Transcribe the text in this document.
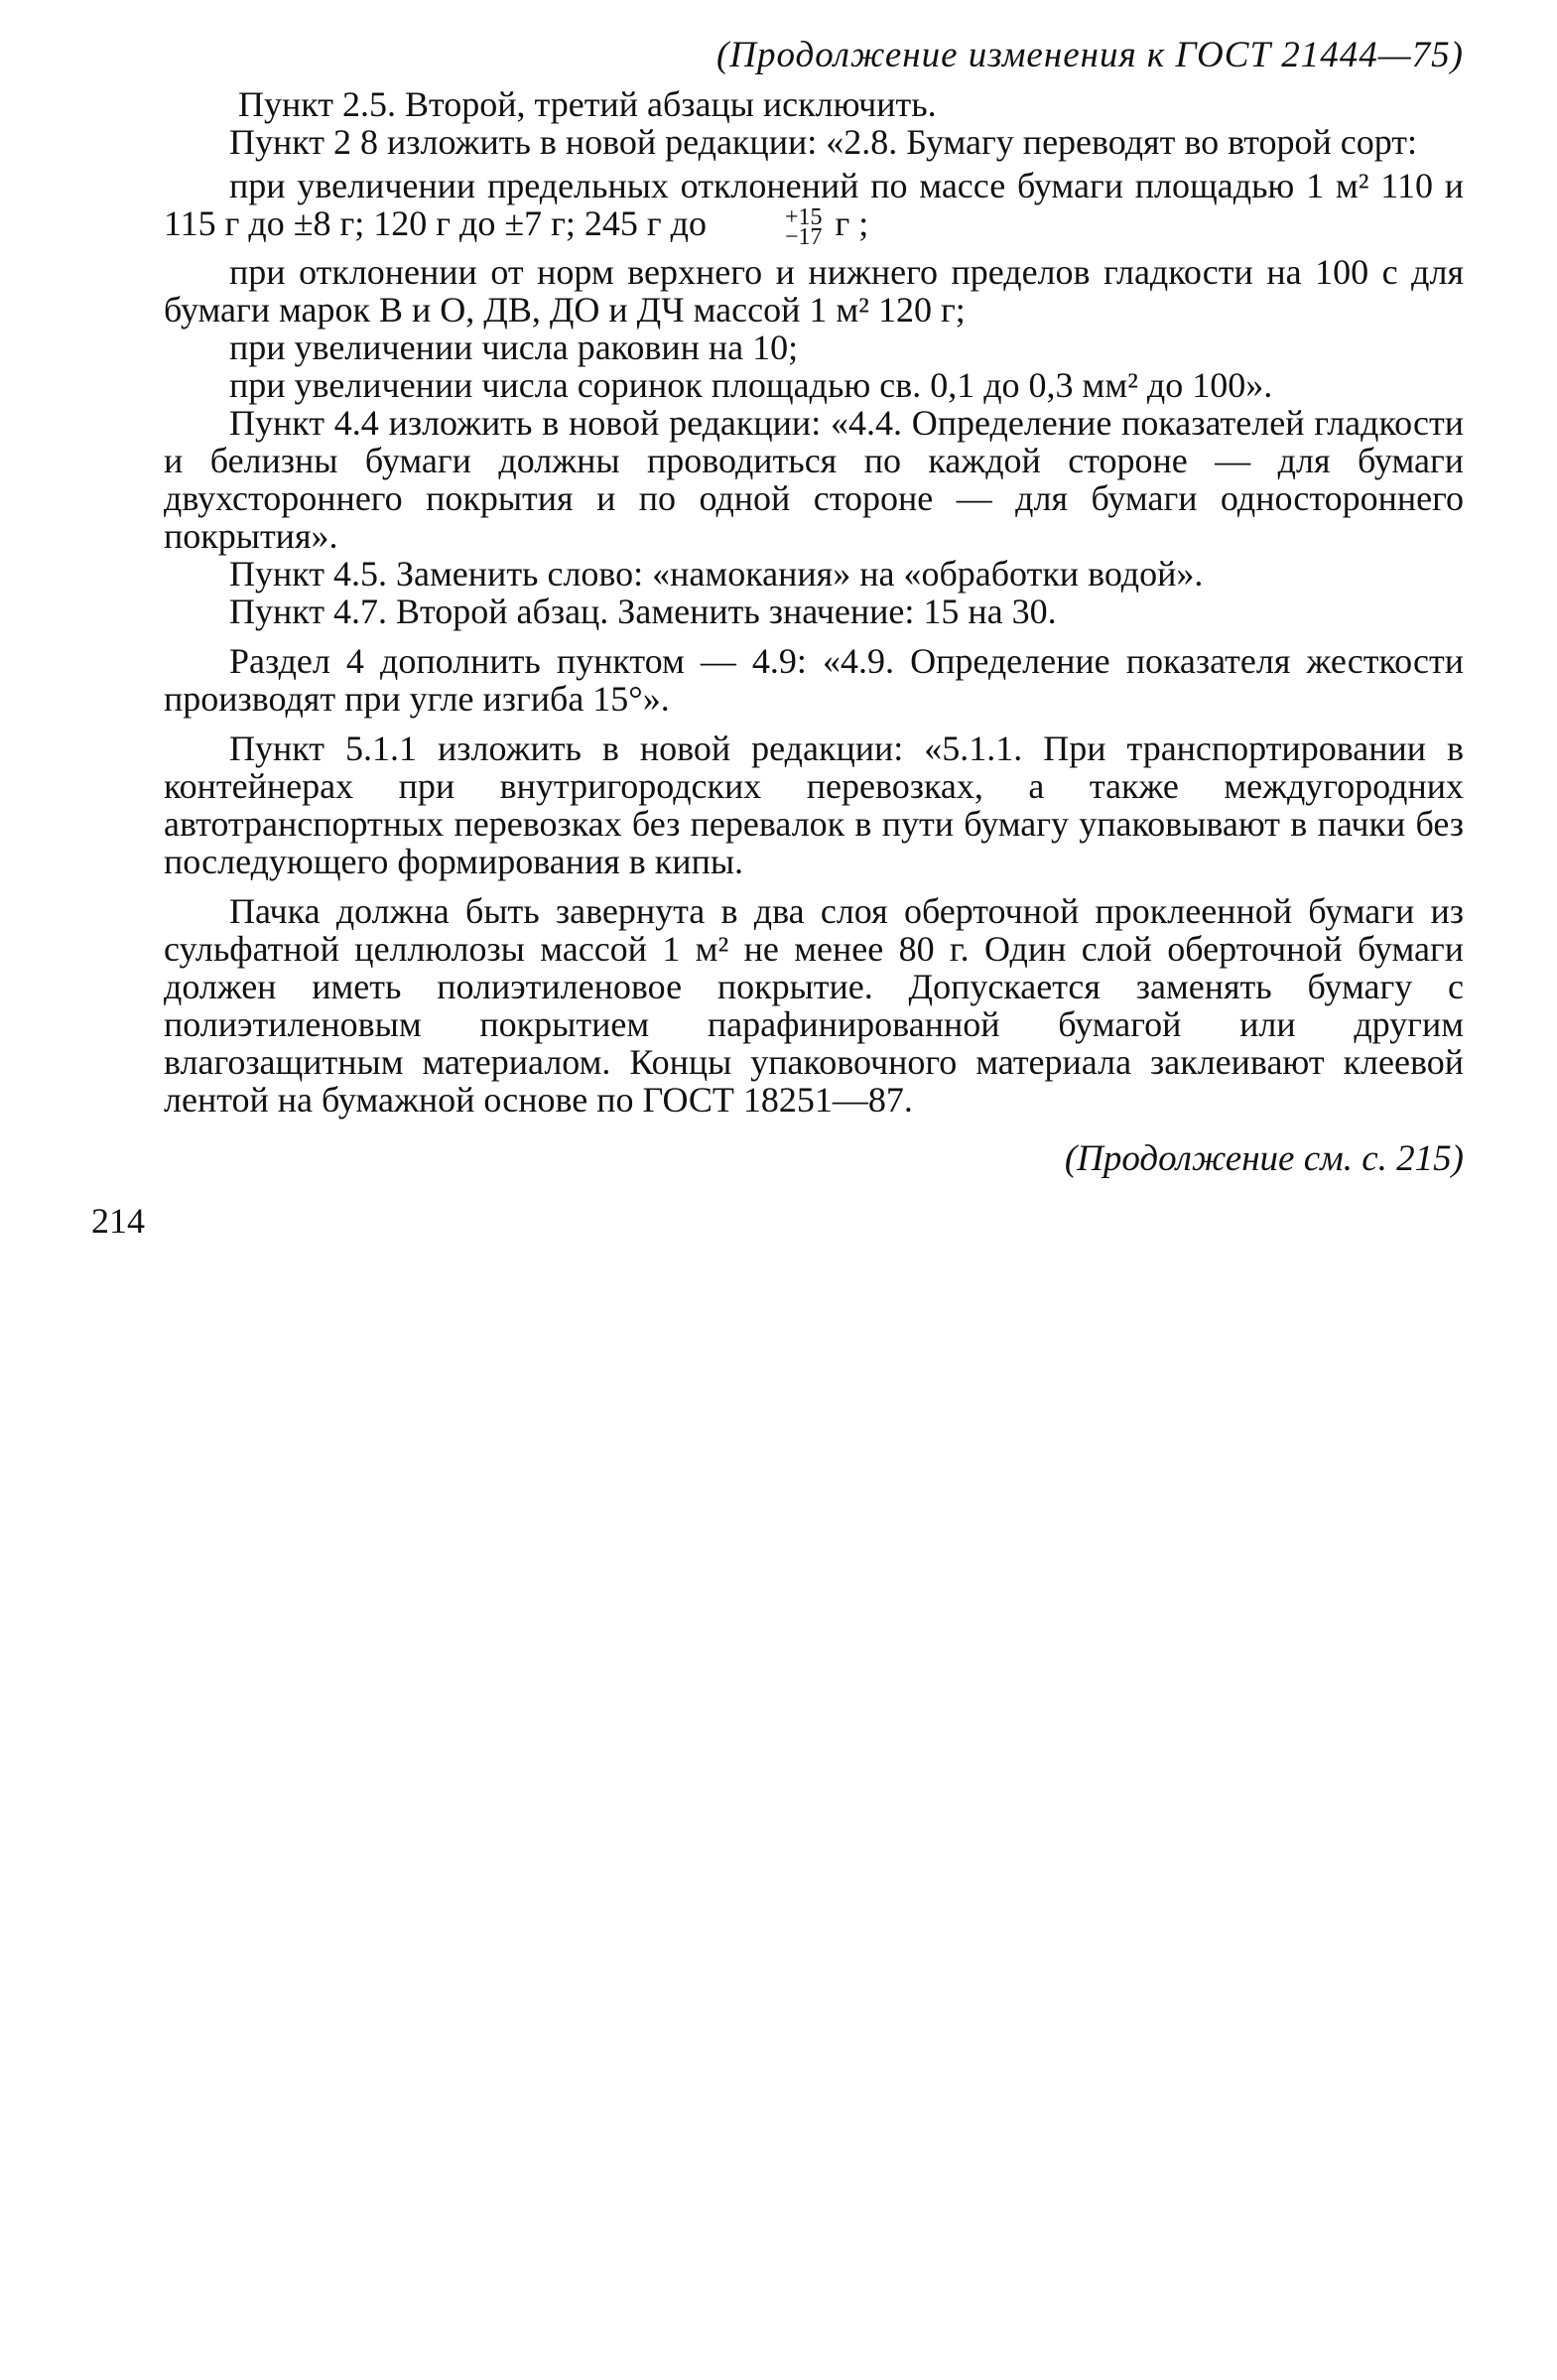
(Продолжение изменения к ГОСТ 21444—75)

Пункт 2.5. Второй, третий абзацы исключить.

Пункт 2 8 изложить в новой редакции: «2.8. Бумагу переводят во второй сорт:

при увеличении предельных отклонений по массе бумаги площадью 1 м² 110 и 115 г до ±8 г; 120 г до ±7 г; 245 г до	+15
−17 г ;

при отклонении от норм верхнего и нижнего пределов гладкости на 100 с для бумаги марок В и О, ДВ, ДО и ДЧ массой 1 м² 120 г;

при увеличении числа раковин на 10;

при увеличении числа соринок площадью св. 0,1 до 0,3 мм² до 100».

Пункт 4.4 изложить в новой редакции: «4.4. Определение показателей гладкости и белизны бумаги должны проводиться по каждой стороне — для бумаги двухстороннего покрытия и по одной стороне — для бумаги одностороннего покрытия».

Пункт 4.5. Заменить слово: «намокания» на «обработки водой».

Пункт 4.7. Второй абзац. Заменить значение: 15 на 30.

Раздел 4 дополнить пунктом — 4.9: «4.9. Определение показателя жесткости производят при угле изгиба 15°».

Пункт 5.1.1 изложить в новой редакции: «5.1.1. При транспортировании в контейнерах при внутригородских перевозках, а также междугородних автотранспортных перевозках без перевалок в пути бумагу упаковывают в пачки без последующего формирования в кипы.

Пачка должна быть завернута в два слоя оберточной проклеенной бумаги из сульфатной целлюлозы массой 1 м² не менее 80 г. Один слой оберточной бумаги должен иметь полиэтиленовое покрытие. Допускается заменять бумагу с полиэтиленовым покрытием парафинированной бумагой или другим влагозащитным материалом. Концы упаковочного материала заклеивают клеевой лентой на бумажной основе по ГОСТ 18251—87.

(Продолжение см. с. 215)
214
